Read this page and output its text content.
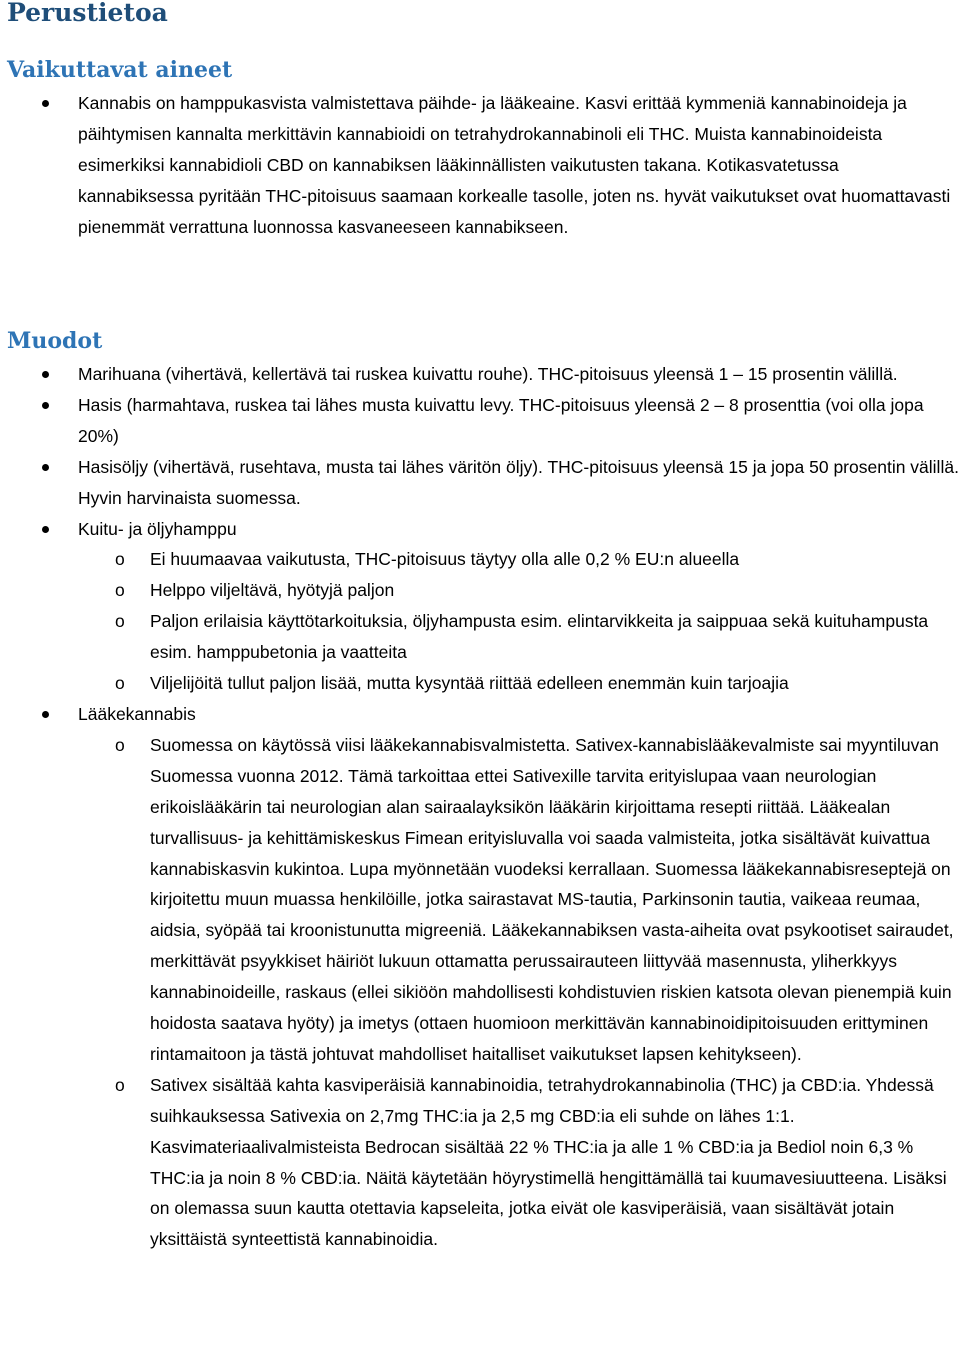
Perustietoa
Vaikuttavat aineet

Kannabis on hamppukasvista valmistettava päihde- ja lääkeaine. Kasvi erittää kymmeniä kannabinoideja ja päihtymisen kannalta merkittävin kannabioidi on tetrahydrokannabinoli eli THC. Muista kannabinoideista esimerkiksi kannabidioli CBD on kannabiksen lääkinnällisten vaikutusten takana. Kotikasvatetussa kannabiksessa pyritään THC-pitoisuus saamaan korkealle tasolle, joten ns. hyvät vaikutukset ovat huomattavasti pienemmät verrattuna luonnossa kasvaneeseen kannabikseen.

Muodot
Marihuana (vihertävä, kellertävä tai ruskea kuivattu rouhe). THC-pitoisuus yleensä 1 – 15 prosentin välillä.
Hasis (harmahtava, ruskea tai lähes musta kuivattu levy. THC-pitoisuus yleensä 2 – 8 prosenttia (voi olla jopa 20%)
Hasisöljy (vihertävä, rusehtava, musta tai lähes väritön öljy). THC-pitoisuus yleensä 15 ja jopa 50 prosentin välillä. Hyvin harvinaista suomessa.
Kuitu- ja öljyhamppu
o Ei huumaavaa vaikutusta, THC-pitoisuus täytyy olla alle 0,2 % EU:n alueella
o Helppo viljeltävä, hyötyjä paljon
o Paljon erilaisia käyttötarkoituksia, öljyhampusta esim. elintarvikkeita ja saippuaa sekä kuituhampusta esim. hamppubetonia ja vaatteita
o Viljelijöitä tullut paljon lisää, mutta kysyntää riittää edelleen enemmän kuin tarjoajia
Lääkekannabis
o Suomessa on käytössä viisi lääkekannabisvalmistetta. Sativex-kannabislääkevalmiste sai myyntiluvan Suomessa vuonna 2012. Tämä tarkoittaa ettei Sativexille tarvita erityislupaa vaan neurologian erikoislääkärin tai neurologian alan sairaalayksikön lääkärin kirjoittama resepti riittää. Lääkealan turvallisuus- ja kehittämiskeskus Fimean erityisluvalla voi saada valmisteita, jotka sisältävät kuivattua kannabiskasvin kukintoa. Lupa myönnetään vuodeksi kerrallaan. Suomessa lääkekannabisreseptejä on kirjoitettu muun muassa henkilöille, jotka sairastavat MS-tautia, Parkinsonin tautia, vaikeaa reumaa, aidsia, syöpää tai kroonistunutta migreeniä. Lääkekannabiksen vasta-aiheita ovat psykootiset sairaudet, merkittävät psyykkiset häiriöt lukuun ottamatta perussairauteen liittyvää masennusta, yliherkkyys kannabinoideille, raskaus (ellei sikiöön mahdollisesti kohdistuvien riskien katsota olevan pienempiä kuin hoidosta saatava hyöty) ja imetys (ottaen huomioon merkittävän kannabinoidipitoisuuden erittyminen rintamaitoon ja tästä johtuvat mahdolliset haitalliset vaikutukset lapsen kehitykseen).
o Sativex sisältää kahta kasviperäisiä kannabinoidia, tetrahydrokannabinolia (THC) ja CBD:ia. Yhdessä suihkauksessa Sativexia on 2,7mg THC:ia ja 2,5 mg CBD:ia eli suhde on lähes 1:1. Kasvimateriaalivalmisteista Bedrocan sisältää 22 % THC:ia ja alle 1 % CBD:ia ja Bediol noin 6,3 % THC:ia ja noin 8 % CBD:ia. Näitä käytetään höyrystimellä hengittämällä tai kuumavesiuutteena. Lisäksi on olemassa suun kautta otettavia kapseleita, jotka eivät ole kasviperäisiä, vaan sisältävät jotain yksittäistä synteettistä kannabinoidia.
